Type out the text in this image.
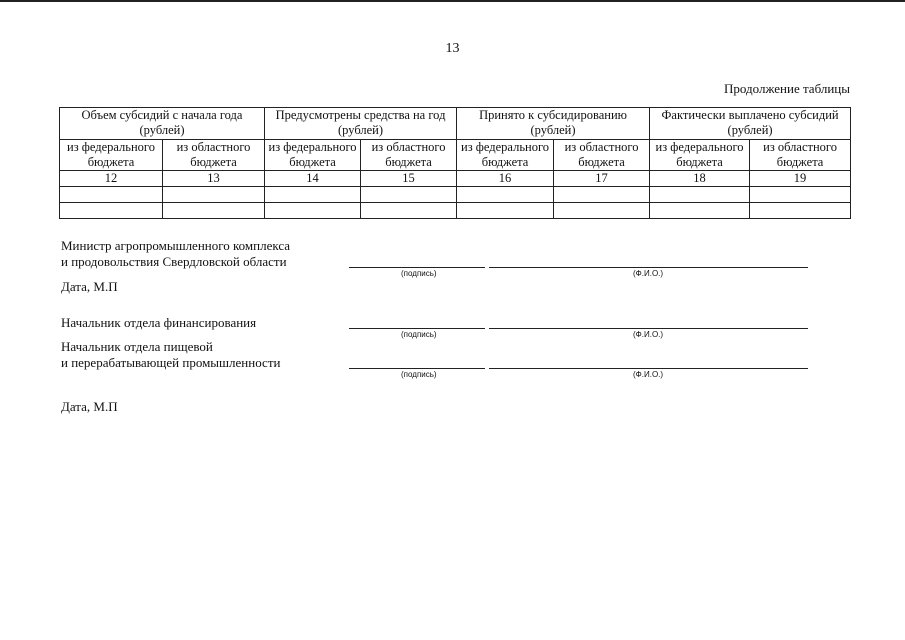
13
Продолжение таблицы
Объем субсидий с начала года (рублей)		Предусмотрены средства на год (рублей)		Принято к субсидированию (рублей)		Фактически выплачено субсидий (рублей)	
из федерального бюджета	из областного бюджета	из федерального бюджета	из областного бюджета	из федерального бюджета	из областного бюджета	из федерального бюджета	из областного бюджета
12	13	14	15	16	17	18	19

Министр агропромышленного комплекса
и продовольствия Свердловской области
(подпись)	(Ф.И.О.)
Дата, М.П
Начальник отдела финансирования
(подпись)	(Ф.И.О.)
Начальник отдела пищевой
и перерабатывающей промышленности
(подпись)	(Ф.И.О.)
Дата, М.П
